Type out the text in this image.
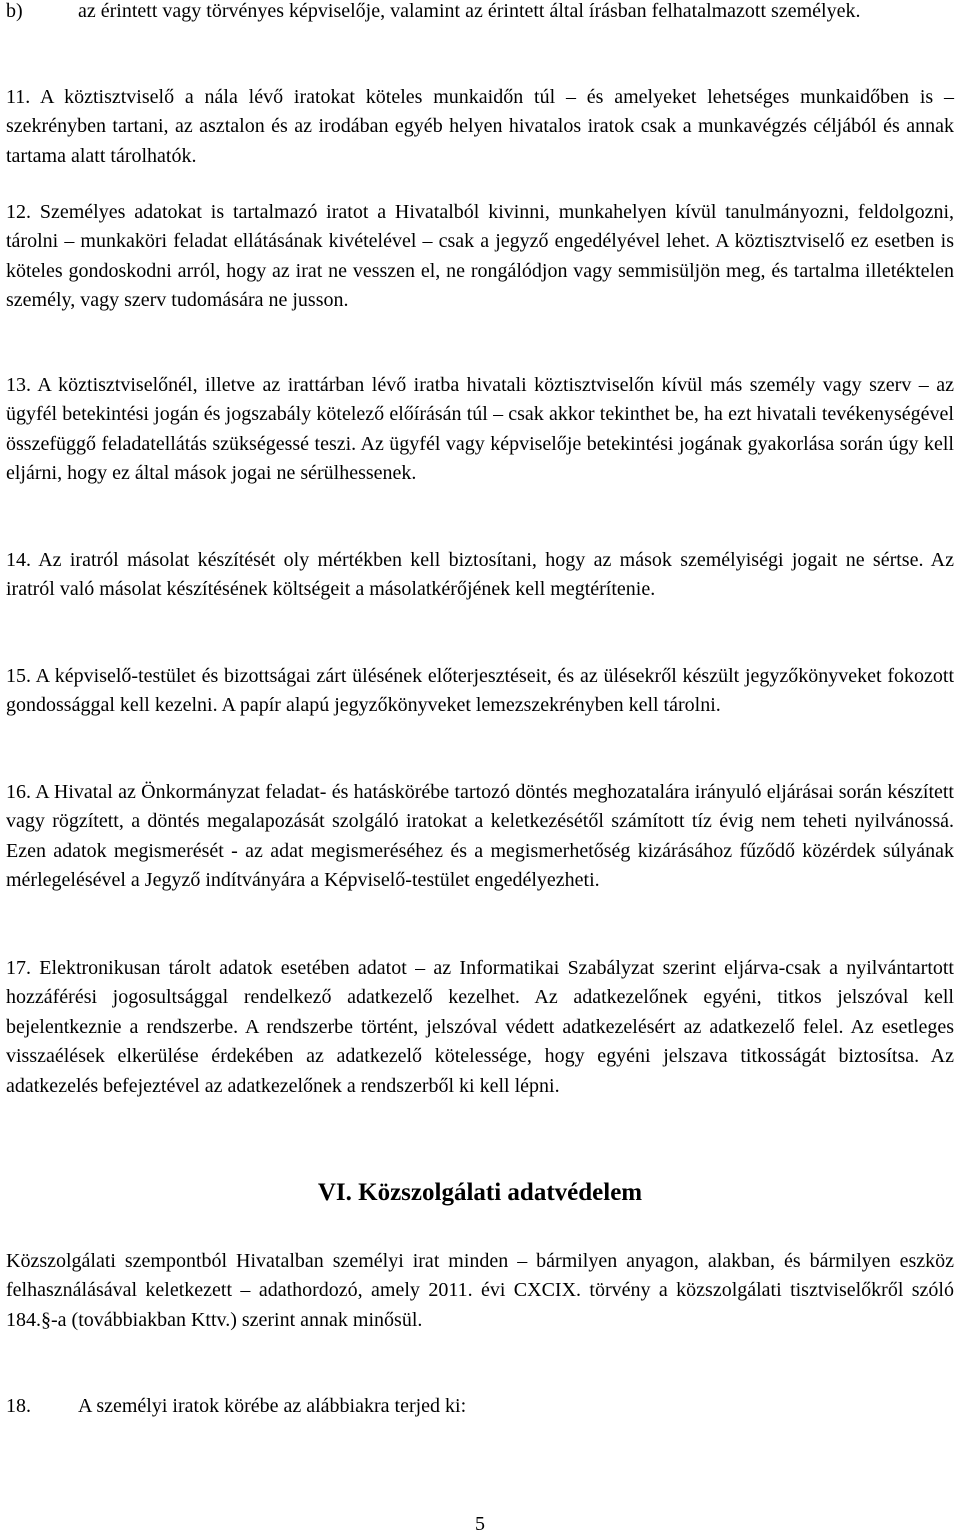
b)	az érintett vagy törvényes képviselője, valamint az érintett által írásban felhatalmazott személyek.

11. A köztisztviselő a nála lévő iratokat köteles munkaidőn túl – és amelyeket lehetséges munkaidőben is – szekrényben tartani, az asztalon és az irodában egyéb helyen hivatalos iratok csak a munkavégzés céljából és annak tartama alatt tárolhatók.

12. Személyes adatokat is tartalmazó iratot a Hivatalból kivinni, munkahelyen kívül tanulmányozni, feldolgozni, tárolni – munkaköri feladat ellátásának kivételével – csak a jegyző engedélyével lehet. A köztisztviselő ez esetben is köteles gondoskodni arról, hogy az irat ne vesszen el, ne rongálódjon vagy semmisüljön meg, és tartalma illetéktelen személy, vagy szerv tudomására ne jusson.

13. A köztisztviselőnél, illetve az irattárban lévő iratba hivatali köztisztviselőn kívül más személy vagy szerv – az ügyfél betekintési jogán és jogszabály kötelező előírásán túl – csak akkor tekinthet be, ha ezt hivatali tevékenységével összefüggő feladatellátás szükségessé teszi. Az ügyfél vagy képviselője betekintési jogának gyakorlása során úgy kell eljárni, hogy ez által mások jogai ne sérülhessenek.

14. Az iratról másolat készítését oly mértékben kell biztosítani, hogy az mások személyiségi jogait ne sértse. Az iratról való másolat készítésének költségeit a másolatkérőjének kell megtérítenie.

15. A képviselő-testület és bizottságai zárt ülésének előterjesztéseit, és az ülésekről készült jegyzőkönyveket fokozott gondossággal kell kezelni. A papír alapú jegyzőkönyveket lemezszekrényben kell tárolni.

16. A Hivatal az Önkormányzat feladat- és hatáskörébe tartozó döntés meghozatalára irányuló eljárásai során készített vagy rögzített, a döntés megalapozását szolgáló iratokat a keletkezésétől számított tíz évig nem teheti nyilvánossá. Ezen adatok megismerését - az adat megismeréséhez és a megismerhetőség kizárásához fűződő közérdek súlyának mérlegelésével a Jegyző indítványára a Képviselő-testület engedélyezheti.

17. Elektronikusan tárolt adatok esetében adatot – az Informatikai Szabályzat szerint eljárva-csak a nyilvántartott hozzáférési jogosultsággal rendelkező adatkezelő kezelhet. Az adatkezelőnek egyéni, titkos jelszóval kell bejelentkeznie a rendszerbe. A rendszerbe történt, jelszóval védett adatkezelésért az adatkezelő felel. Az esetleges visszaélések elkerülése érdekében az adatkezelő kötelessége, hogy egyéni jelszava titkosságát biztosítsa. Az adatkezelés befejeztével az adatkezelőnek a rendszerből ki kell lépni.

VI. Közszolgálati adatvédelem

Közszolgálati szempontból Hivatalban személyi irat minden – bármilyen anyagon, alakban, és bármilyen eszköz felhasználásával keletkezett – adathordozó, amely 2011. évi CXCIX. törvény a közszolgálati tisztviselőkről szóló 184.§-a (továbbiakban Kttv.) szerint annak minősül.

18.	A személyi iratok körébe az alábbiakra terjed ki:
5
